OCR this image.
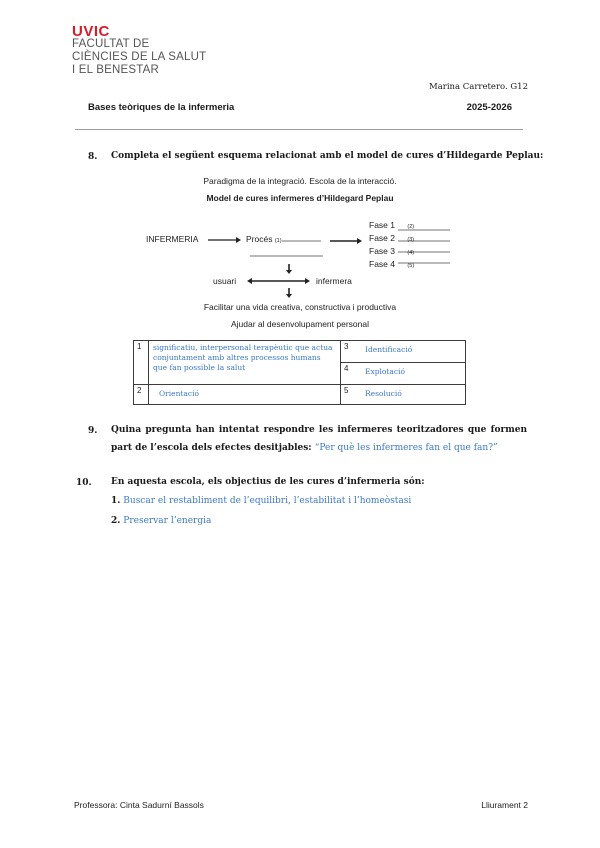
UVIC
FACULTAT DE
CIÈNCIES DE LA SALUT
I EL BENESTAR
Marina Carretero. G12
Bases teòriques de la infermeria	2025-2026
8. Completa el següent esquema relacionat amb el model de cures d’Hildegarde Peplau:
Paradigma de la integració. Escola de la interacció.
Model de cures infermeres d’Hildegard Peplau
INFERMERIA	Procés (1)
Fase 1 (2)
Fase 2 (3)
Fase 3 (4)
Fase 4 (5)
usuari	infermera
Facilitar una vida creativa, constructiva i productiva
Ajudar al desenvolupament personal
1	significatiu, interpersonal terapèutic que actua conjuntament amb altres processos humans que fan possible la salut	3	Identificació

		4	Explotació

2	Orientació	5	Resolució
9. Quina pregunta han intentat respondre les infermeres teoritzadores que formen part de l’escola dels efectes desitjables: “Per què les infermeres fan el que fan?”
10. En aquesta escola, els objectius de les cures d’infermeria són:
1. Buscar el restabliment de l’equilibri, l’estabilitat i l’homeòstasi
2. Preservar l’energia
Professora: Cinta Sadurní Bassols	Lliurament 2
